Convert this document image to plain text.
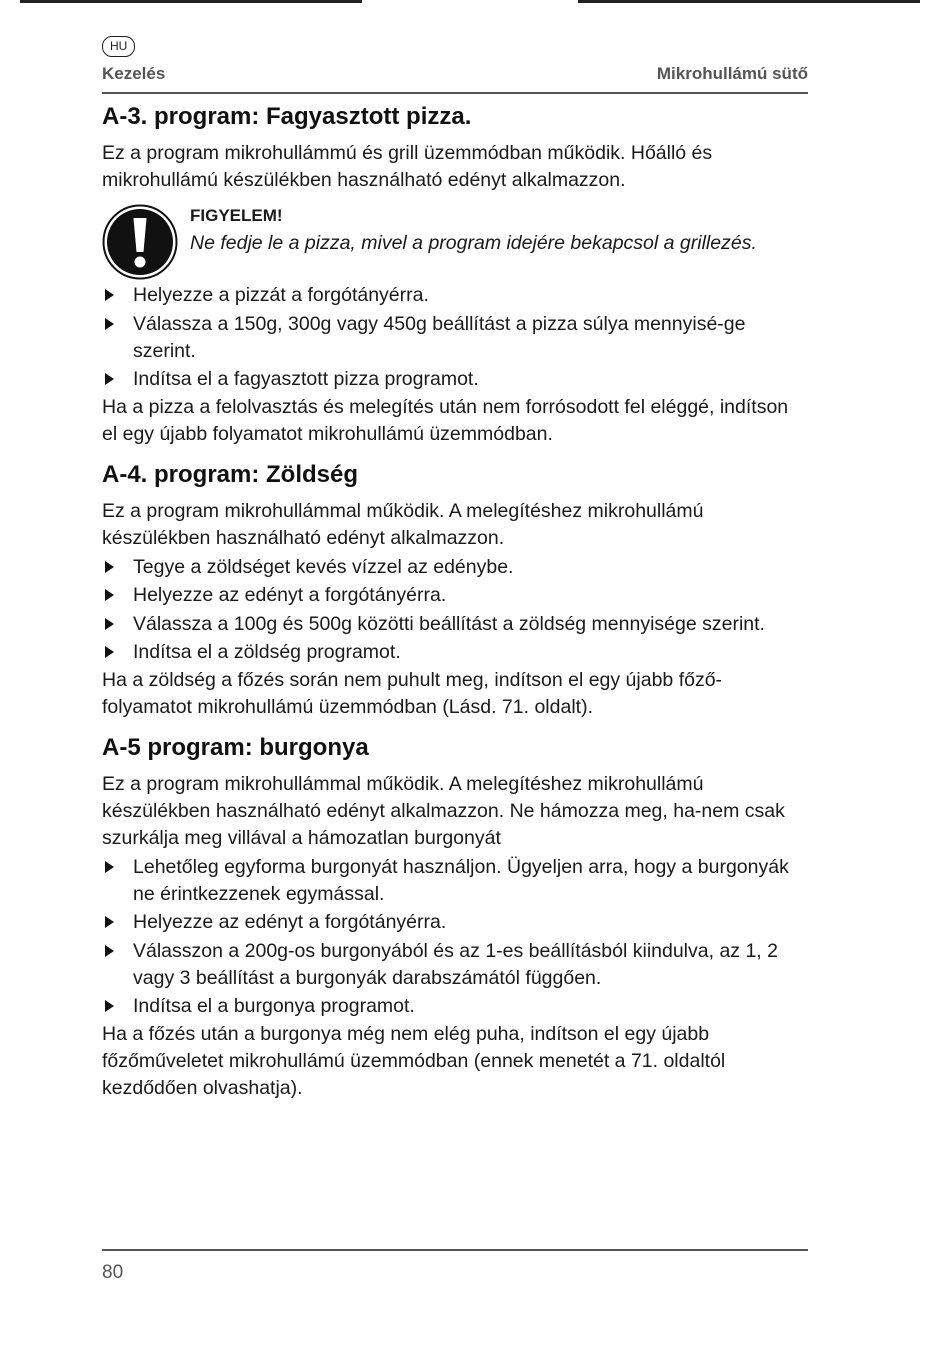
HU
Kezelés	Mikrohullámú sütő
A-3. program: Fagyasztott pizza.

Ez a program mikrohullámmú és grill üzemmódban működik. Hőálló és mikrohullámú készülékben használható edényt alkalmazzon.

FIGYELEM!
Ne fedje le a pizza, mivel a program idejére bekapcsol a grillezés.
Helyezze a pizzát a forgótányérra.
Válassza a 150g, 300g vagy 450g beállítást a pizza súlya mennyisé-ge szerint.
Indítsa el a fagyasztott pizza programot.

Ha a pizza a felolvasztás és melegítés után nem forrósodott fel eléggé, indítson el egy újabb folyamatot mikrohullámú üzemmódban.

A-4. program: Zöldség

Ez a program mikrohullámmal működik. A melegítéshez mikrohullámú készülékben használható edényt alkalmazzon.

Tegye a zöldséget kevés vízzel az edénybe.
Helyezze az edényt a forgótányérra.
Válassza a 100g és 500g közötti beállítást a zöldség mennyisége szerint.
Indítsa el a zöldség programot.

Ha a zöldség a főzés során nem puhult meg, indítson el egy újabb főző-folyamatot mikrohullámú üzemmódban (Lásd. 71. oldalt).

A-5 program: burgonya

Ez a program mikrohullámmal működik. A melegítéshez mikrohullámú készülékben használható edényt alkalmazzon. Ne hámozza meg, ha-nem csak szurkálja meg villával a hámozatlan burgonyát

Lehetőleg egyforma burgonyát használjon. Ügyeljen arra, hogy a burgonyák ne érintkezzenek egymással.
Helyezze az edényt a forgótányérra.
Válasszon a 200g-os burgonyából és az 1-es beállításból kiindulva, az 1, 2 vagy 3 beállítást a burgonyák darabszámától függően.
Indítsa el a burgonya programot.

Ha a főzés után a burgonya még nem elég puha, indítson el egy újabb főzőműveletet mikrohullámú üzemmódban (ennek menetét a 71. oldaltól kezdődően olvashatja).

80
